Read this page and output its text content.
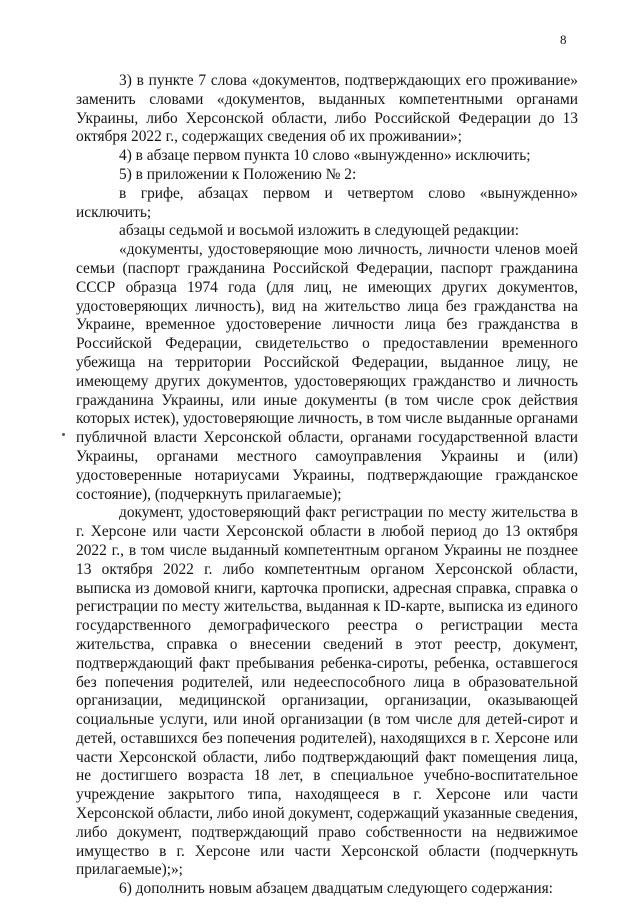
8

3) в пункте 7 слова «документов, подтверждающих его проживание» заменить словами «документов, выданных компетентными органами Украины, либо Херсонской области, либо Российской Федерации до 13 октября 2022 г., содержащих сведения об их проживании»;

4) в абзаце первом пункта 10 слово «вынужденно» исключить;

5) в приложении к Положению № 2:

в грифе, абзацах первом и четвертом слово «вынужденно» исключить;

абзацы седьмой и восьмой изложить в следующей редакции:

«документы, удостоверяющие мою личность, личности членов моей семьи (паспорт гражданина Российской Федерации, паспорт гражданина СССР образца 1974 года (для лиц, не имеющих других документов, удостоверяющих личность), вид на жительство лица без гражданства на Украине, временное удостоверение личности лица без гражданства в Российской Федерации, свидетельство о предоставлении временного убежища на территории Российской Федерации, выданное лицу, не имеющему других документов, удостоверяющих гражданство и личность гражданина Украины, или иные документы (в том числе срок действия которых истек), удостоверяющие личность, в том числе выданные органами публичной власти Херсонской области, органами государственной власти Украины, органами местного самоуправления Украины и (или) удостоверенные нотариусами Украины, подтверждающие гражданское состояние), (подчеркнуть прилагаемые);

документ, удостоверяющий факт регистрации по месту жительства в г. Херсоне или части Херсонской области в любой период до 13 октября 2022 г., в том числе выданный компетентным органом Украины не позднее 13 октября 2022 г. либо компетентным органом Херсонской области, выписка из домовой книги, карточка прописки, адресная справка, справка о регистрации по месту жительства, выданная к ID-карте, выписка из единого государственного демографического реестра о регистрации места жительства, справка о внесении сведений в этот реестр, документ, подтверждающий факт пребывания ребенка-сироты, ребенка, оставшегося без попечения родителей, или недееспособного лица в образовательной организации, медицинской организации, организации, оказывающей социальные услуги, или иной организации (в том числе для детей-сирот и детей, оставшихся без попечения родителей), находящихся в г. Херсоне или части Херсонской области, либо подтверждающий факт помещения лица, не достигшего возраста 18 лет, в специальное учебно-воспитательное учреждение закрытого типа, находящееся в г. Херсоне или части Херсонской области, либо иной документ, содержащий указанные сведения, либо документ, подтверждающий право собственности на недвижимое имущество в г. Херсоне или части Херсонской области (подчеркнуть прилагаемые);»;

6) дополнить новым абзацем двадцатым следующего содержания:
